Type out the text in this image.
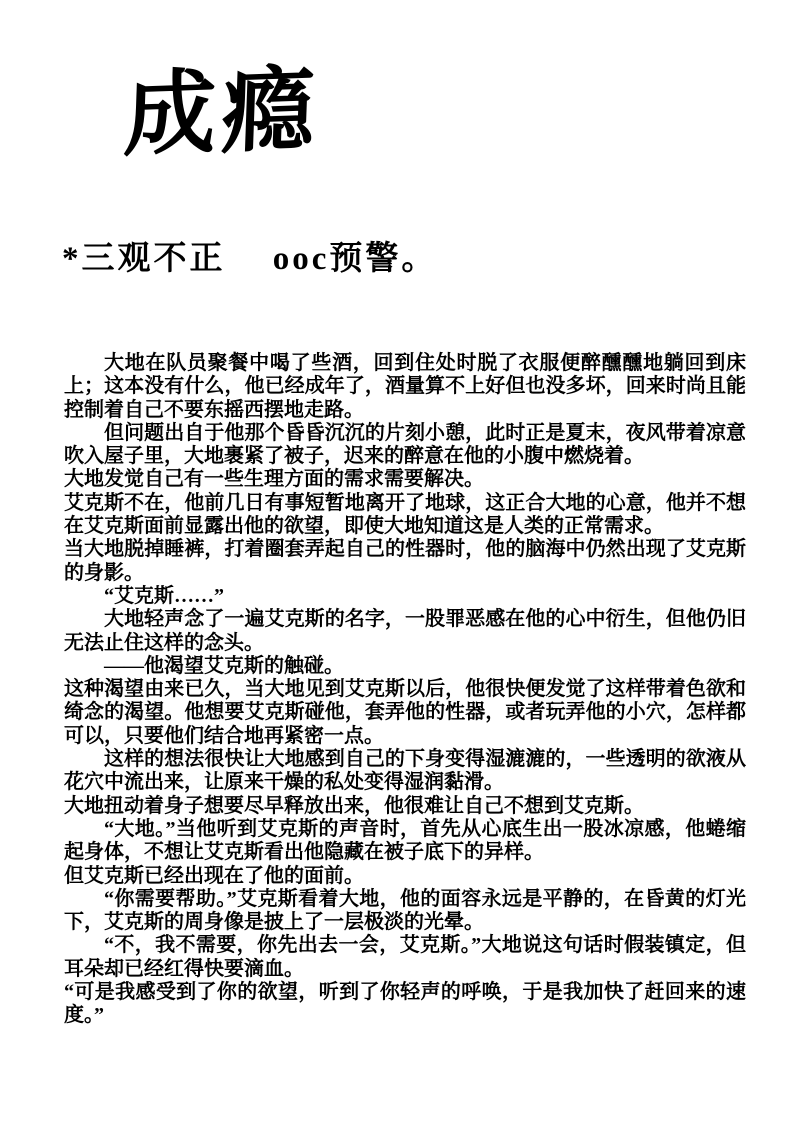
成瘾
*三观不正　 ooc预警。
大地在队员聚餐中喝了些酒，回到住处时脱了衣服便醉醺醺地躺回到床上；这本没有什么，他已经成年了，酒量算不上好但也没多坏，回来时尚且能控制着自己不要东摇西摆地走路。
但问题出自于他那个昏昏沉沉的片刻小憩，此时正是夏末，夜风带着凉意吹入屋子里，大地裹紧了被子，迟来的醉意在他的小腹中燃烧着。
大地发觉自己有一些生理方面的需求需要解决。
艾克斯不在，他前几日有事短暂地离开了地球，这正合大地的心意，他并不想在艾克斯面前显露出他的欲望，即使大地知道这是人类的正常需求。
当大地脱掉睡裤，打着圈套弄起自己的性器时，他的脑海中仍然出现了艾克斯的身影。
“艾克斯……”
大地轻声念了一遍艾克斯的名字，一股罪恶感在他的心中衍生，但他仍旧无法止住这样的念头。
——他渴望艾克斯的触碰。
这种渴望由来已久，当大地见到艾克斯以后，他很快便发觉了这样带着色欲和绮念的渴望。他想要艾克斯碰他，套弄他的性器，或者玩弄他的小穴，怎样都可以，只要他们结合地再紧密一点。
这样的想法很快让大地感到自己的下身变得湿漉漉的，一些透明的欲液从花穴中流出来，让原来干燥的私处变得湿润黏滑。
大地扭动着身子想要尽早释放出来，他很难让自己不想到艾克斯。
“大地。”当他听到艾克斯的声音时，首先从心底生出一股冰凉感，他蜷缩起身体，不想让艾克斯看出他隐藏在被子底下的异样。
但艾克斯已经出现在了他的面前。
“你需要帮助。”艾克斯看着大地，他的面容永远是平静的，在昏黄的灯光下，艾克斯的周身像是披上了一层极淡的光晕。
“不，我不需要，你先出去一会，艾克斯。”大地说这句话时假装镇定，但耳朵却已经红得快要滴血。
“可是我感受到了你的欲望，听到了你轻声的呼唤，于是我加快了赶回来的速度。”
